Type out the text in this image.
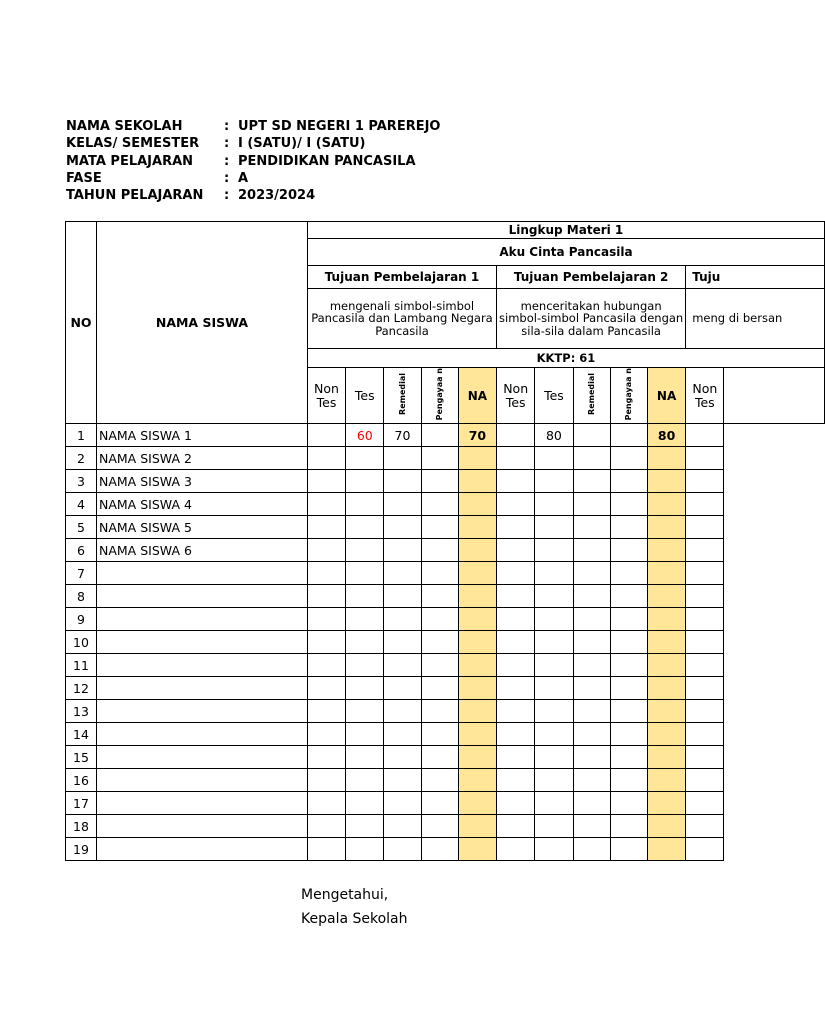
NAMA SEKOLAH	: UPT SD NEGERI 1 PAREREJO
KELAS/ SEMESTER : I (SATU)/ I (SATU)
MATA PELAJARAN : PENDIDIKAN PANCASILA
FASE	: A
TAHUN PELAJARAN : 2023/2024
NO	NAMA SISWA	Lingkup Materi 1											
		Aku Cinta Pancasila											
		Tujuan Pembelajaran 1					Tujuan Pembelajaran 2					Tuju	
		mengenali simbol-simbol Pancasila dan Lambang Negara Pancasila					menceritakan hubungan simbol-simbol Pancasila dengan sila-sila dalam Pancasila					meng di bersan	
		KKTP: 61											
		Non Tes	Tes	Remedial	Pengayaa n	NA	Non Tes	Tes	Remedial	Pengayaa n	NA	Non Tes	
1	NAMA SISWA 1		60	70		70		80			80		
2	NAMA SISWA 2												
3	NAMA SISWA 3												
4	NAMA SISWA 4												
5	NAMA SISWA 5												
6	NAMA SISWA 6												
7													
8													
9													
10													
11													
12													
13													
14													
15													
16													
17													
18													
19													
Mengetahui,
Kepala Sekolah
